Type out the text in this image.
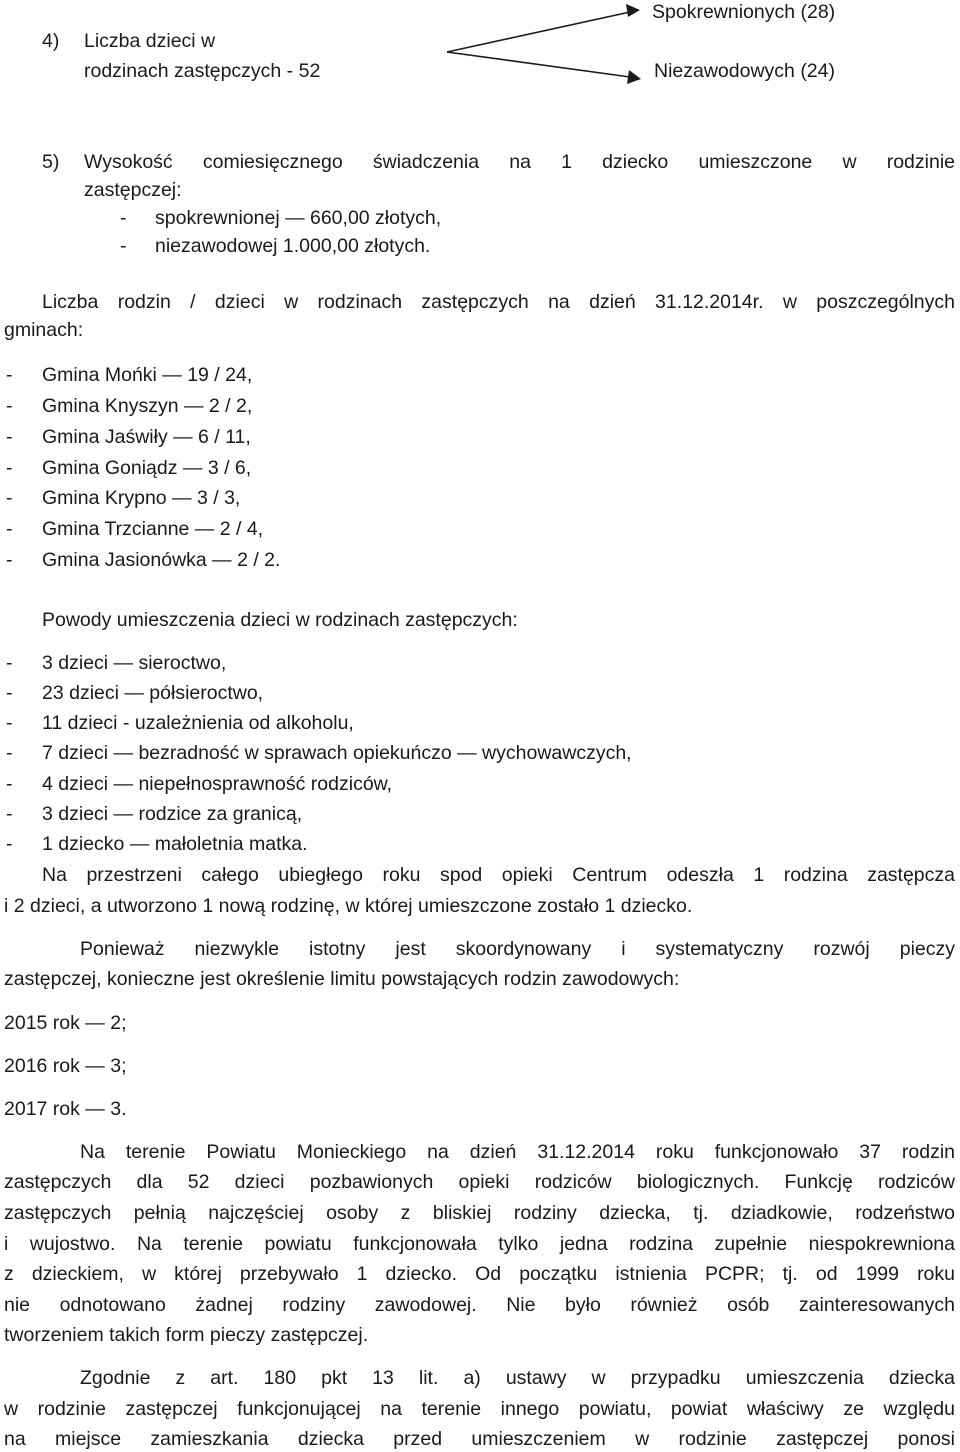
4) Liczba dzieci w
rodzinach zastępczych - 52
Spokrewnionych (28)
Niezawodowych (24)
5) Wysokość comiesięcznego świadczenia na 1 dziecko umieszczone w rodzinie
zastępczej:
- spokrewnionej — 660,00 złotych,
- niezawodowej 1.000,00 złotych.
Liczba rodzin / dzieci w rodzinach zastępczych na dzień 31.12.2014r. w poszczególnych
gminach:
- Gmina Mońki — 19 / 24,
- Gmina Knyszyn — 2 / 2,
- Gmina Jaświły — 6 / 11,
- Gmina Goniądz — 3 / 6,
- Gmina Krypno — 3 / 3,
- Gmina Trzcianne — 2 / 4,
- Gmina Jasionówka — 2 / 2.
Powody umieszczenia dzieci w rodzinach zastępczych:
- 3 dzieci — sieroctwo,
- 23 dzieci — półsieroctwo,
- 11 dzieci - uzależnienia od alkoholu,
- 7 dzieci — bezradność w sprawach opiekuńczo — wychowawczych,
- 4 dzieci — niepełnosprawność rodziców,
- 3 dzieci — rodzice za granicą,
- 1 dziecko — małoletnia matka.
Na przestrzeni całego ubiegłego roku spod opieki Centrum odeszła 1 rodzina zastępcza
i 2 dzieci, a utworzono 1 nową rodzinę, w której umieszczone zostało 1 dziecko.
Ponieważ niezwykle istotny jest skoordynowany i systematyczny rozwój pieczy
zastępczej, konieczne jest określenie limitu powstających rodzin zawodowych:
2015 rok — 2;
2016 rok — 3;
2017 rok — 3.
Na terenie Powiatu Monieckiego na dzień 31.12.2014 roku funkcjonowało 37 rodzin
zastępczych dla 52 dzieci pozbawionych opieki rodziców biologicznych. Funkcję rodziców
zastępczych pełnią najczęściej osoby z bliskiej rodziny dziecka, tj. dziadkowie, rodzeństwo
i wujostwo. Na terenie powiatu funkcjonowała tylko jedna rodzina zupełnie niespokrewniona
z dzieckiem, w której przebywało 1 dziecko. Od początku istnienia PCPR; tj. od 1999 roku
nie odnotowano żadnej rodziny zawodowej. Nie było również osób zainteresowanych
tworzeniem takich form pieczy zastępczej.
Zgodnie z art. 180 pkt 13 lit. a) ustawy w przypadku umieszczenia dziecka
w rodzinie zastępczej funkcjonującej na terenie innego powiatu, powiat właściwy ze względu
na miejsce zamieszkania dziecka przed umieszczeniem w rodzinie zastępczej ponosi
